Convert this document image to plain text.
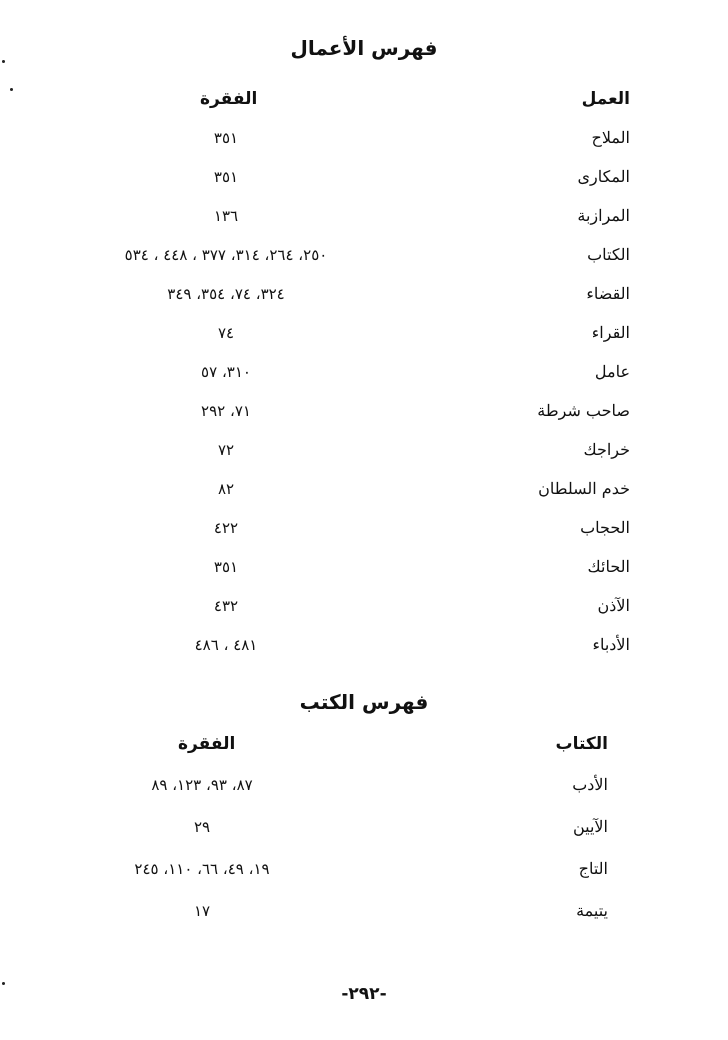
فهرس الأعمال
العمل
الفقرة
الملاح
٣٥١
المكارى
٣٥١
المرازبة
١٣٦
الكتاب
٢٥٠، ٢٦٤، ٣١٤، ٣٧٧ ، ٤٤٨ ، ٥٣٤
القضاء
٣٢٤، ٧٤، ٣٥٤، ٣٤٩
القراء
٧٤
عامل
٣١٠، ٥٧
صاحب شرطة
٧١، ٢٩٢
خراجك
٧٢
خدم السلطان
٨٢
الحجاب
٤٢٢
الحائك
٣٥١
الآذن
٤٣٢
الأدباء
٤٨١ ، ٤٨٦
فهرس الكتب
الكتاب
الفقرة
الأدب
٨٧، ٩٣، ١٢٣، ٨٩
الآيين
٢٩
التاج
١٩، ٤٩، ٦٦، ١١٠، ٢٤٥
يتيمة
١٧
-٢٩٢-
